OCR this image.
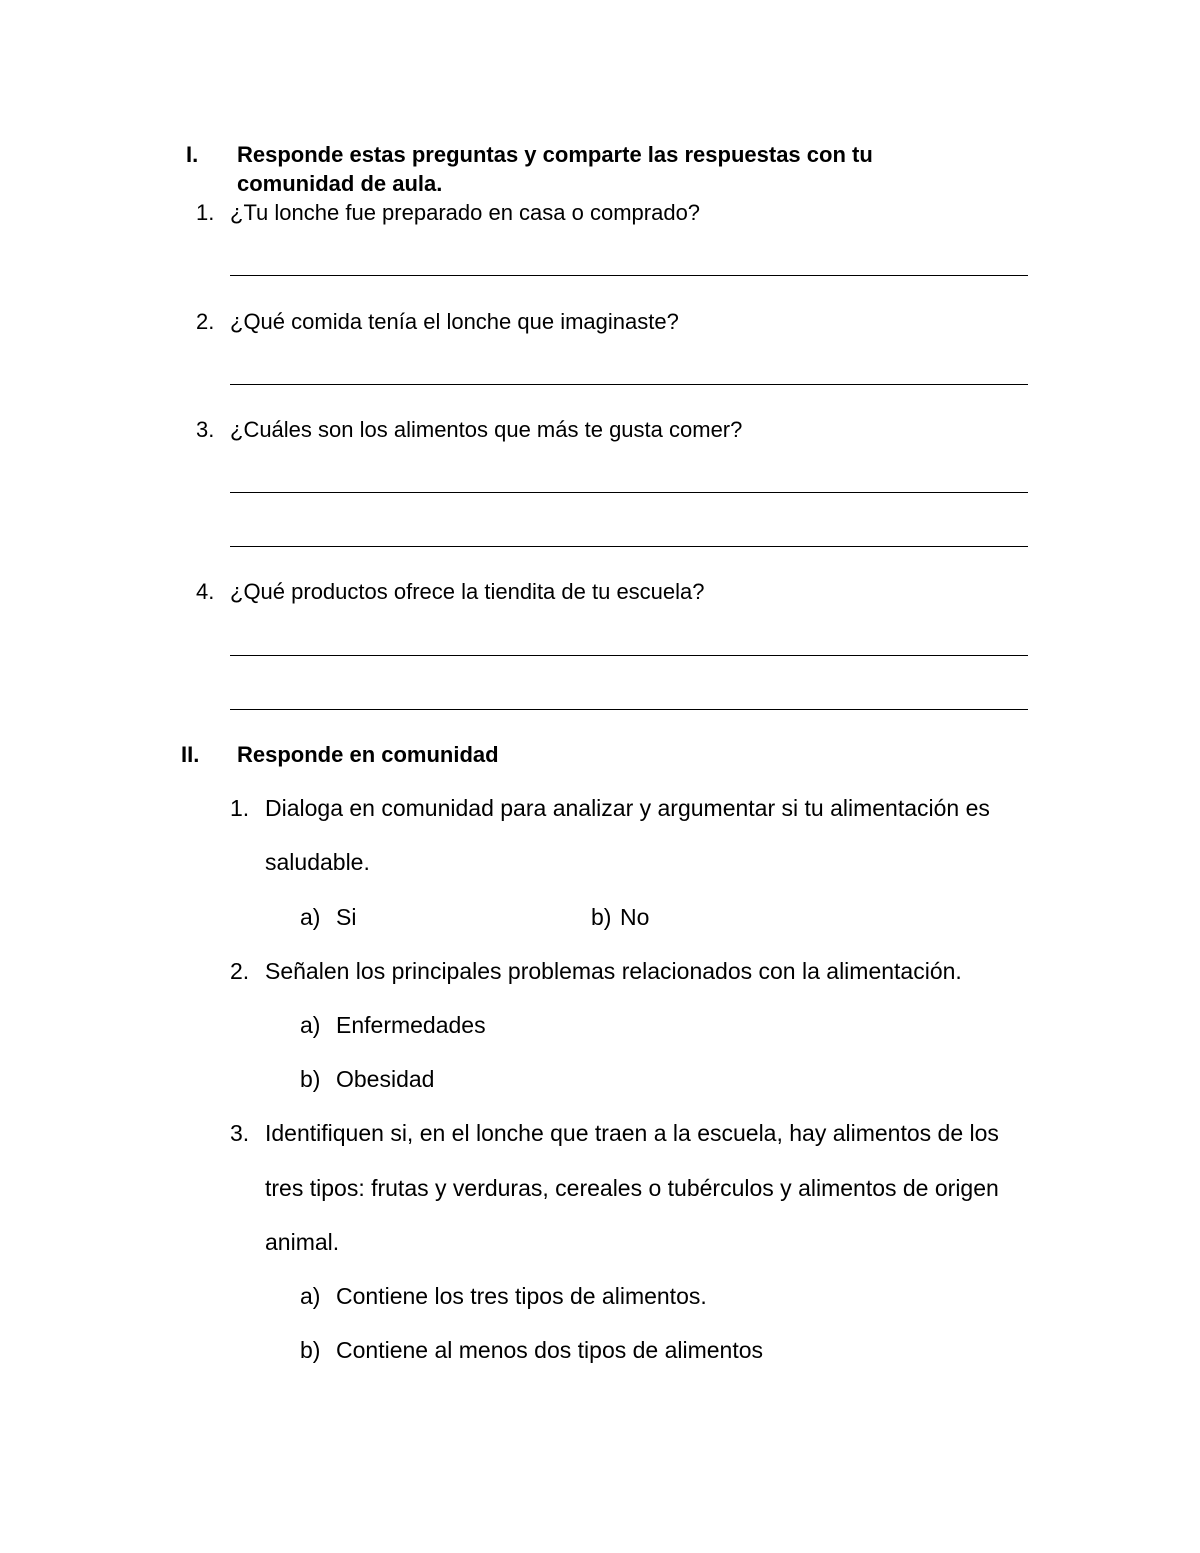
I. Responde estas preguntas y comparte las respuestas con tu
comunidad de aula.
1. ¿Tu lonche fue preparado en casa o comprado?
2. ¿Qué comida tenía el lonche que imaginaste?
3. ¿Cuáles son los alimentos que más te gusta comer?
4. ¿Qué productos ofrece la tiendita de tu escuela?
II. Responde en comunidad
1. Dialoga en comunidad para analizar y argumentar si tu alimentación es
saludable.
a) Si	b) No
2. Señalen los principales problemas relacionados con la alimentación.
a) Enfermedades
b) Obesidad
3. Identifiquen si, en el lonche que traen a la escuela, hay alimentos de los
tres tipos: frutas y verduras, cereales o tubérculos y alimentos de origen
animal.
a) Contiene los tres tipos de alimentos.
b) Contiene al menos dos tipos de alimentos
